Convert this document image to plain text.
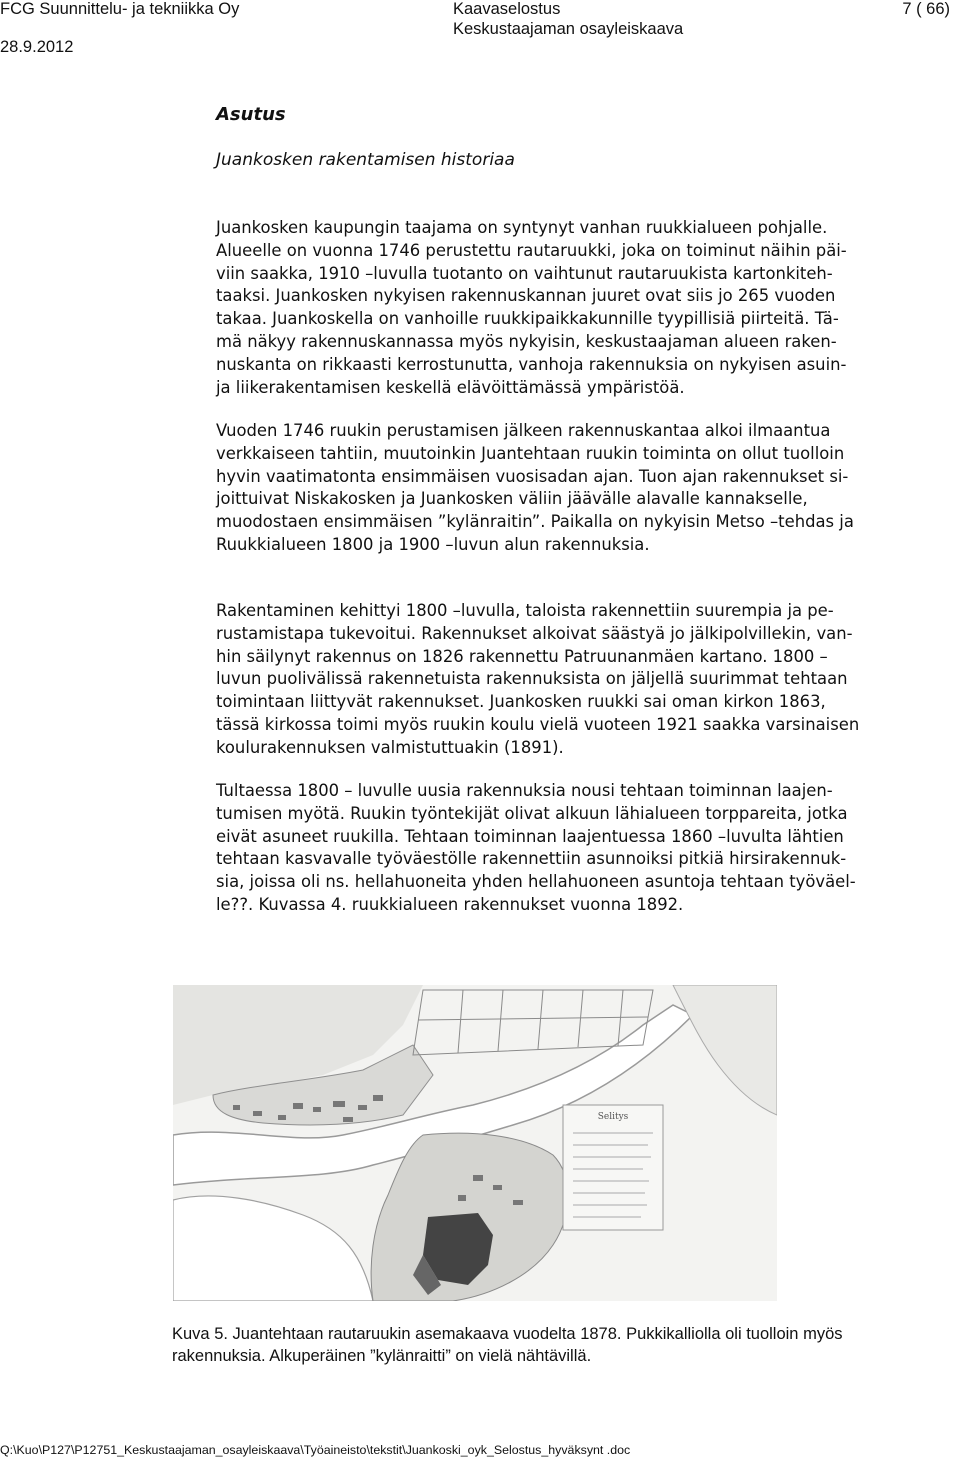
FCG Suunnittelu- ja tekniikka Oy
28.9.2012
Kaavaselostus
Keskustaajaman osayleiskaava
7 ( 66)
Asutus
Juankosken rakentamisen historiaa
Juankosken kaupungin taajama on syntynyt vanhan ruukkialueen pohjalle.
Alueelle on vuonna 1746 perustettu rautaruukki, joka on toiminut näihin päi-
viin saakka, 1910 –luvulla tuotanto on vaihtunut rautaruukista kartonkiteh-
taaksi. Juankosken nykyisen rakennuskannan juuret ovat siis jo 265 vuoden
takaa. Juankoskella on vanhoille ruukkipaikkakunnille tyypillisiä piirteitä. Tä-
mä näkyy rakennuskannassa myös nykyisin, keskustaajaman alueen raken-
nuskanta on rikkaasti kerrostunutta, vanhoja rakennuksia on nykyisen asuin-
ja liikerakentamisen keskellä elävöittämässä ympäristöä.
Vuoden 1746 ruukin perustamisen jälkeen rakennuskantaa alkoi ilmaantua
verkkaiseen tahtiin, muutoinkin Juantehtaan ruukin toiminta on ollut tuolloin
hyvin vaatimatonta ensimmäisen vuosisadan ajan. Tuon ajan rakennukset si-
joittuivat Niskakosken ja Juankosken väliin jäävälle alavalle kannakselle,
muodostaen ensimmäisen ”kylänraitin”. Paikalla on nykyisin Metso –tehdas ja
Ruukkialueen 1800 ja 1900 –luvun alun rakennuksia.
Rakentaminen kehittyi 1800 –luvulla, taloista rakennettiin suurempia ja pe-
rustamistapa tukevoitui. Rakennukset alkoivat säästyä jo jälkipolvillekin, van-
hin säilynyt rakennus on 1826 rakennettu Patruunanmäen kartano. 1800 –
luvun puolivälissä rakennetuista rakennuksista on jäljellä suurimmat tehtaan
toimintaan liittyvät rakennukset. Juankosken ruukki sai oman kirkon 1863,
tässä kirkossa toimi myös ruukin koulu vielä vuoteen 1921 saakka varsinaisen
koulurakennuksen valmistuttuakin (1891).
Tultaessa 1800 – luvulle uusia rakennuksia nousi tehtaan toiminnan laajen-
tumisen myötä. Ruukin työntekijät olivat alkuun lähialueen torppareita, jotka
eivät asuneet ruukilla. Tehtaan toiminnan laajentuessa 1860 –luvulta lähtien
tehtaan kasvavalle työväestölle rakennettiin asunnoiksi pitkiä hirsirakennuk-
sia, joissa oli ns. hellahuoneita yhden hellahuoneen asuntoja tehtaan työväel-
le??. Kuvassa 4. ruukkialueen rakennukset vuonna 1892.
Selitys
Kuva 5. Juantehtaan rautaruukin asemakaava vuodelta 1878. Pukkikalliolla oli tuolloin myös
rakennuksia. Alkuperäinen ”kylänraitti” on vielä nähtävillä.
Q:\Kuo\P127\P12751_Keskustaajaman_osayleiskaava\Työaineisto\tekstit\Juankoski_oyk_Selostus_hyväksynt .doc
